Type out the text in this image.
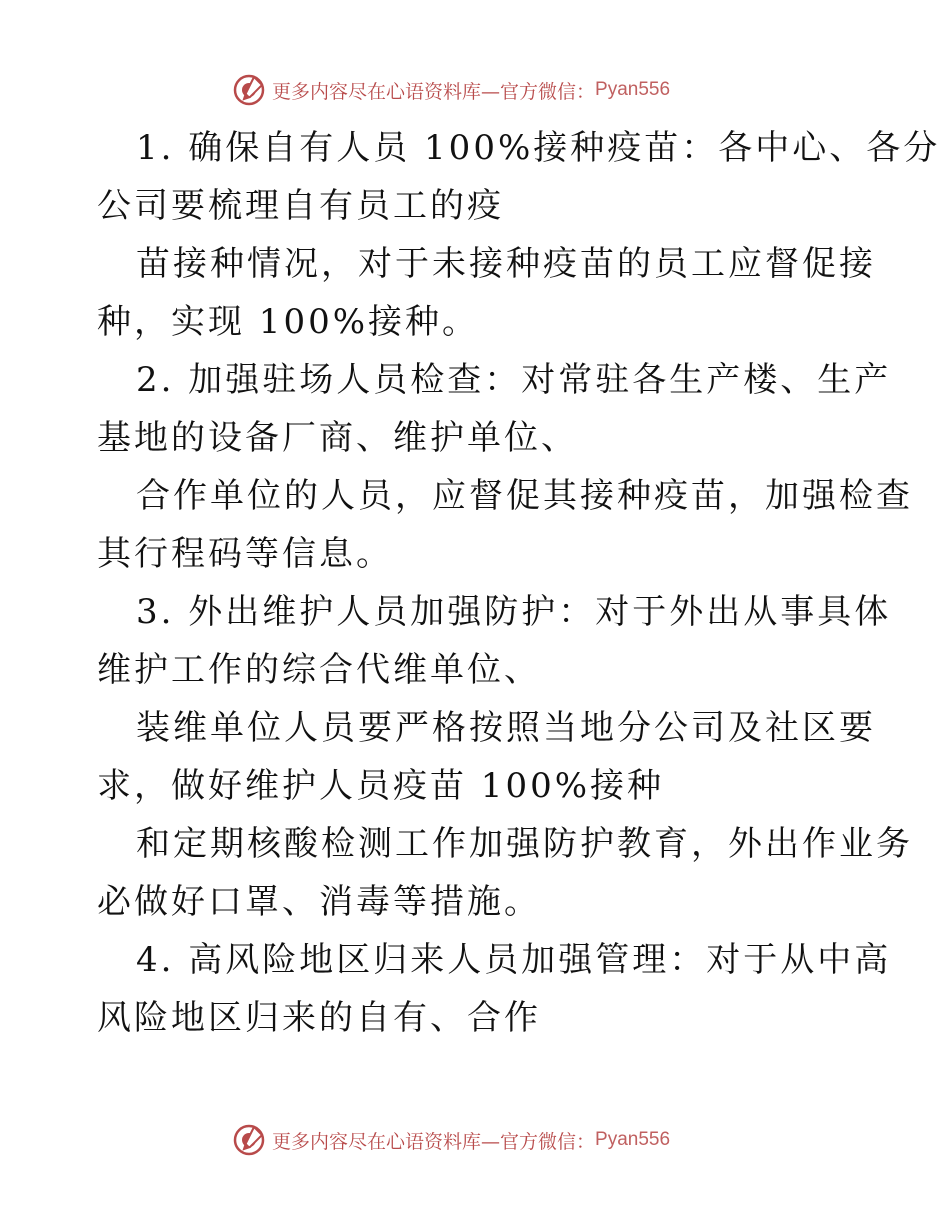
更多内容尽在心语资料库—官方微信： Pyan556
1. 确保自有人员 100%接种疫苗：各中心、各分
公司要梳理自有员工的疫
苗接种情况，对于未接种疫苗的员工应督促接
种，实现 100%接种。
2. 加强驻场人员检查：对常驻各生产楼、生产
基地的设备厂商、维护单位、
合作单位的人员，应督促其接种疫苗，加强检查
其行程码等信息。
3. 外出维护人员加强防护：对于外出从事具体
维护工作的综合代维单位、
装维单位人员要严格按照当地分公司及社区要
求，做好维护人员疫苗 100%接种
和定期核酸检测工作加强防护教育，外出作业务
必做好口罩、消毒等措施。
4. 高风险地区归来人员加强管理：对于从中高
风险地区归来的自有、合作
更多内容尽在心语资料库—官方微信： Pyan556
